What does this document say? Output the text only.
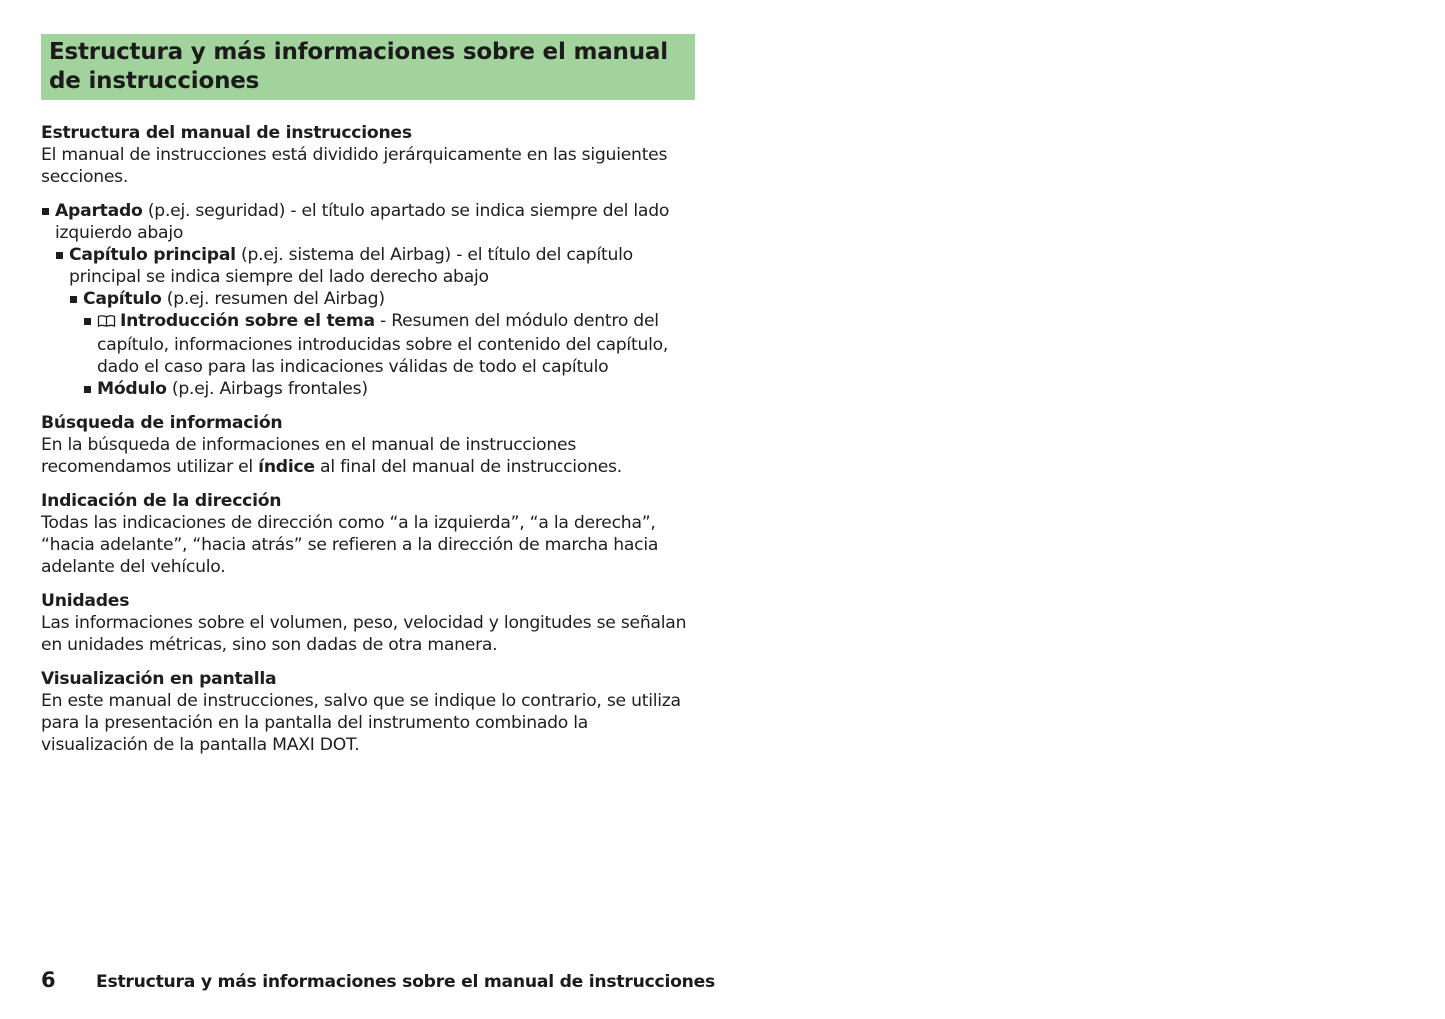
Estructura y más informaciones sobre el manual de instrucciones
Estructura del manual de instrucciones
El manual de instrucciones está dividido jerárquicamente en las siguientes secciones.
Apartado (p.ej. seguridad) - el título apartado se indica siempre del lado izquierdo abajo
Capítulo principal (p.ej. sistema del Airbag) - el título del capítulo principal se indica siempre del lado derecho abajo
Capítulo (p.ej. resumen del Airbag)
Introducción sobre el tema - Resumen del módulo dentro del capítulo, informaciones introducidas sobre el contenido del capítulo, dado el caso para las indicaciones válidas de todo el capítulo
Módulo (p.ej. Airbags frontales)
Búsqueda de información
En la búsqueda de informaciones en el manual de instrucciones recomendamos utilizar el índice al final del manual de instrucciones.
Indicación de la dirección
Todas las indicaciones de dirección como “a la izquierda”, “a la derecha”, “hacia adelante”, “hacia atrás” se refieren a la dirección de marcha hacia adelante del vehículo.
Unidades
Las informaciones sobre el volumen, peso, velocidad y longitudes se señalan en unidades métricas, sino son dadas de otra manera.
Visualización en pantalla
En este manual de instrucciones, salvo que se indique lo contrario, se utiliza para la presentación en la pantalla del instrumento combinado la visualización de la pantalla MAXI DOT.
6 Estructura y más informaciones sobre el manual de instrucciones
